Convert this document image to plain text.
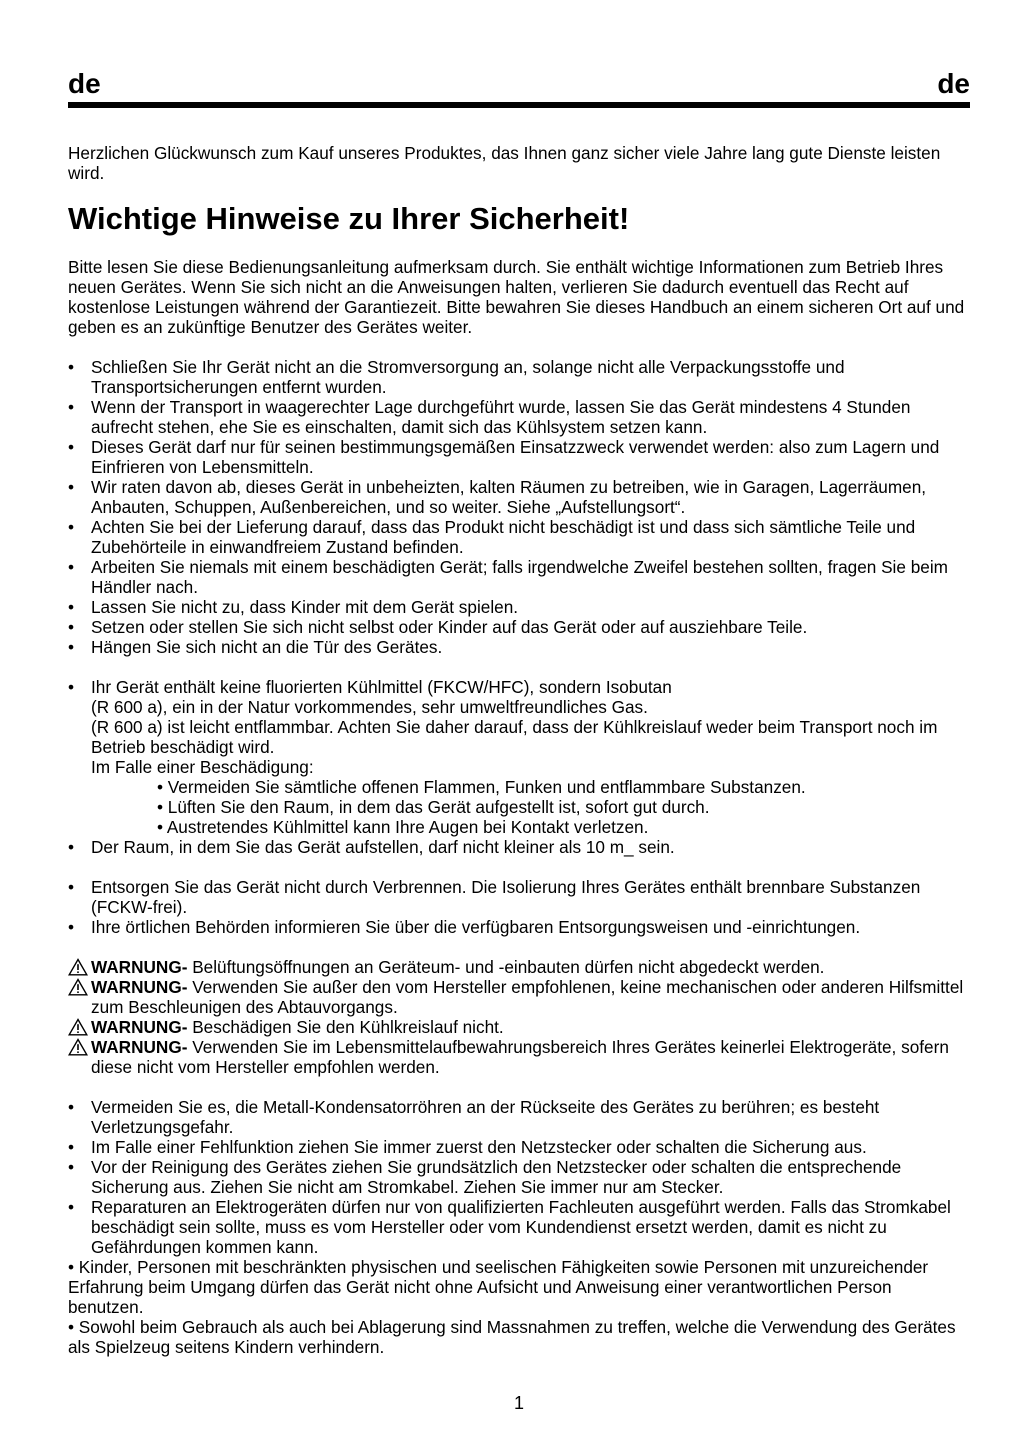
de	de

Herzlichen Glückwunsch zum Kauf unseres Produktes, das Ihnen ganz sicher viele Jahre lang gute Dienste leisten wird.

Wichtige Hinweise zu Ihrer Sicherheit!

Bitte lesen Sie diese Bedienungsanleitung aufmerksam durch. Sie enthält wichtige Informationen zum Betrieb Ihres neuen Gerätes. Wenn Sie sich nicht an die Anweisungen halten, verlieren Sie dadurch eventuell das Recht auf kostenlose Leistungen während der Garantiezeit. Bitte bewahren Sie dieses Handbuch an einem sicheren Ort auf und geben es an zukünftige Benutzer des Gerätes weiter.

• Schließen Sie Ihr Gerät nicht an die Stromversorgung an, solange nicht alle Verpackungsstoffe und Transportsicherungen entfernt wurden.
• Wenn der Transport in waagerechter Lage durchgeführt wurde, lassen Sie das Gerät mindestens 4 Stunden aufrecht stehen, ehe Sie es einschalten, damit sich das Kühlsystem setzen kann.
• Dieses Gerät darf nur für seinen bestimmungsgemäßen Einsatzzweck verwendet werden: also zum Lagern und Einfrieren von Lebensmitteln.
• Wir raten davon ab, dieses Gerät in unbeheizten, kalten Räumen zu betreiben, wie in Garagen, Lagerräumen, Anbauten, Schuppen, Außenbereichen, und so weiter. Siehe „Aufstellungsort“.
• Achten Sie bei der Lieferung darauf, dass das Produkt nicht beschädigt ist und dass sich sämtliche Teile und Zubehörteile in einwandfreiem Zustand befinden.
• Arbeiten Sie niemals mit einem beschädigten Gerät; falls irgendwelche Zweifel bestehen sollten, fragen Sie beim Händler nach.
• Lassen Sie nicht zu, dass Kinder mit dem Gerät spielen.
• Setzen oder stellen Sie sich nicht selbst oder Kinder auf das Gerät oder auf ausziehbare Teile.
• Hängen Sie sich nicht an die Tür des Gerätes.
• Ihr Gerät enthält keine fluorierten Kühlmittel (FKCW/HFC), sondern Isobutan
(R 600 a), ein in der Natur vorkommendes, sehr umweltfreundliches Gas.
(R 600 a) ist leicht entflammbar. Achten Sie daher darauf, dass der Kühlkreislauf weder beim Transport noch im Betrieb beschädigt wird.
Im Falle einer Beschädigung:
• Vermeiden Sie sämtliche offenen Flammen, Funken und entflammbare Substanzen.
• Lüften Sie den Raum, in dem das Gerät aufgestellt ist, sofort gut durch.
• Austretendes Kühlmittel kann Ihre Augen bei Kontakt verletzen.
• Der Raum, in dem Sie das Gerät aufstellen, darf nicht kleiner als 10 m_ sein.
• Entsorgen Sie das Gerät nicht durch Verbrennen. Die Isolierung Ihres Gerätes enthält brennbare Substanzen (FCKW-frei).
• Ihre örtlichen Behörden informieren Sie über die verfügbaren Entsorgungsweisen und -einrichtungen.
WARNUNG- Belüftungsöffnungen an Geräteum- und -einbauten dürfen nicht abgedeckt werden.
WARNUNG- Verwenden Sie außer den vom Hersteller empfohlenen, keine mechanischen oder anderen Hilfsmittel zum Beschleunigen des Abtauvorgangs.
WARNUNG- Beschädigen Sie den Kühlkreislauf nicht.
WARNUNG- Verwenden Sie im Lebensmittelaufbewahrungsbereich Ihres Gerätes keinerlei Elektrogeräte, sofern diese nicht vom Hersteller empfohlen werden.
• Vermeiden Sie es, die Metall-Kondensatorröhren an der Rückseite des Gerätes zu berühren; es besteht Verletzungsgefahr.
• Im Falle einer Fehlfunktion ziehen Sie immer zuerst den Netzstecker oder schalten die Sicherung aus.
• Vor der Reinigung des Gerätes ziehen Sie grundsätzlich den Netzstecker oder schalten die entsprechende Sicherung aus. Ziehen Sie nicht am Stromkabel. Ziehen Sie immer nur am Stecker.
• Reparaturen an Elektrogeräten dürfen nur von qualifizierten Fachleuten ausgeführt werden. Falls das Stromkabel beschädigt sein sollte, muss es vom Hersteller oder vom Kundendienst ersetzt werden, damit es nicht zu Gefährdungen kommen kann.

• Kinder, Personen mit beschränkten physischen und seelischen Fähigkeiten sowie Personen mit unzureichender Erfahrung beim Umgang dürfen das Gerät nicht ohne Aufsicht und Anweisung einer verantwortlichen Person benutzen.

• Sowohl beim Gebrauch als auch bei Ablagerung sind Massnahmen zu treffen, welche die Verwendung des Gerätes als Spielzeug seitens Kindern verhindern.

1
